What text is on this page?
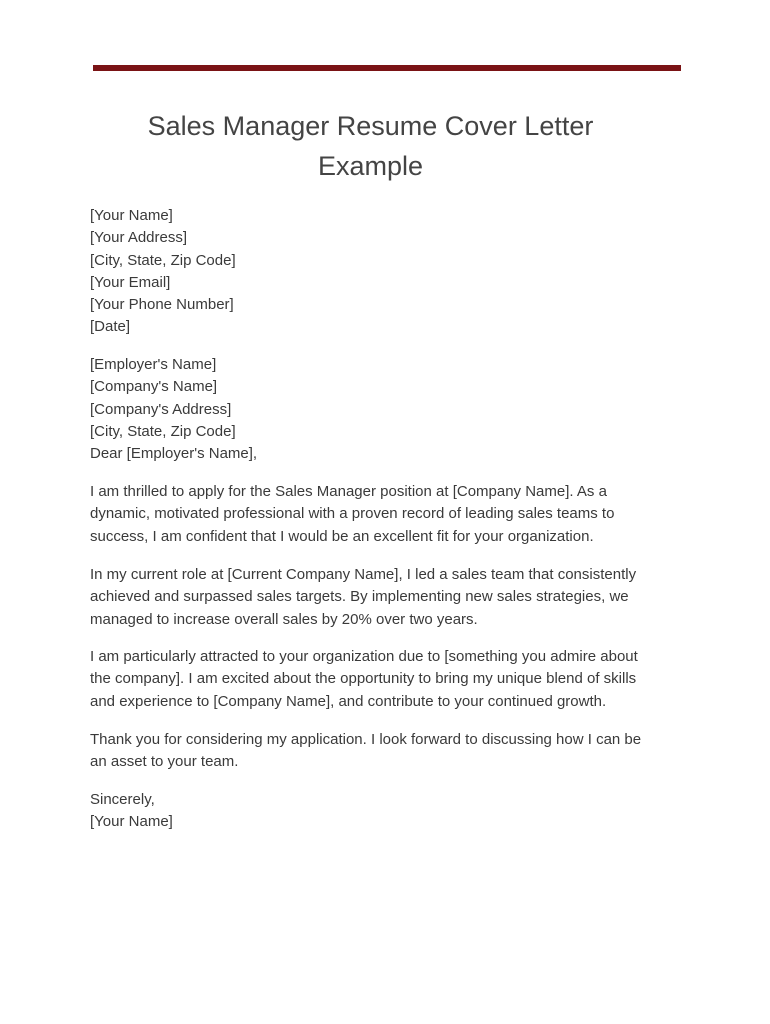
Sales Manager Resume Cover Letter
Example
[Your Name]
[Your Address]
[City, State, Zip Code]
[Your Email]
[Your Phone Number]
[Date]
[Employer's Name]
[Company's Name]
[Company's Address]
[City, State, Zip Code]
Dear [Employer's Name],

I am thrilled to apply for the Sales Manager position at [Company Name]. As a
dynamic, motivated professional with a proven record of leading sales teams to
success, I am confident that I would be an excellent fit for your organization.

In my current role at [Current Company Name], I led a sales team that consistently
achieved and surpassed sales targets. By implementing new sales strategies, we
managed to increase overall sales by 20% over two years.

I am particularly attracted to your organization due to [something you admire about
the company]. I am excited about the opportunity to bring my unique blend of skills
and experience to [Company Name], and contribute to your continued growth.

Thank you for considering my application. I look forward to discussing how I can be
an asset to your team.

Sincerely,
[Your Name]
